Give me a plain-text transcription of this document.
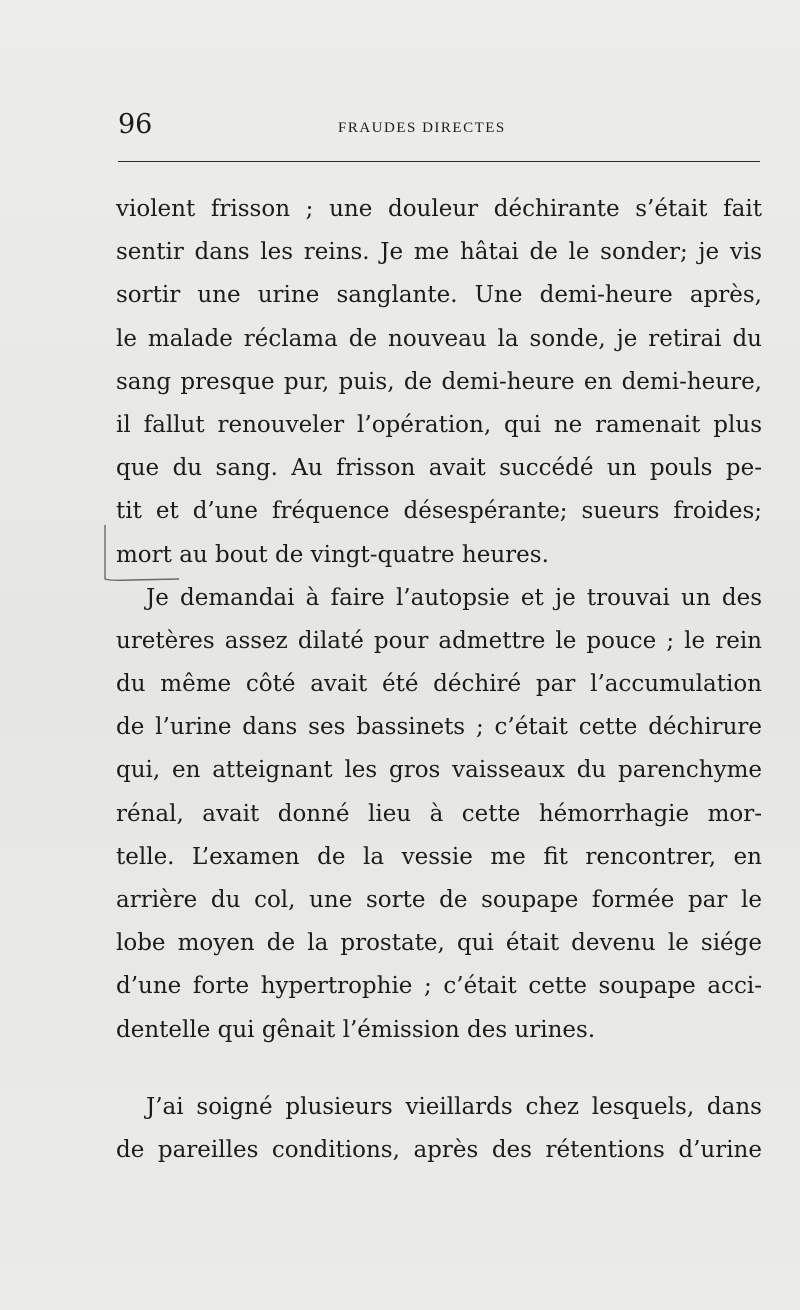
96	FRAUDES DIRECTES
violent frisson ; une douleur déchirante s’était fait
sentir dans les reins. Je me hâtai de le sonder; je vis
sortir une urine sanglante. Une demi-heure après,
le malade réclama de nouveau la sonde, je retirai du
sang presque pur, puis, de demi-heure en demi-heure,
il fallut renouveler l’opération, qui ne ramenait plus
que du sang. Au frisson avait succédé un pouls pe-
tit et d’une fréquence désespérante; sueurs froides;
mort au bout de vingt-quatre heures.
Je demandai à faire l’autopsie et je trouvai un des
uretères assez dilaté pour admettre le pouce ; le rein
du même côté avait été déchiré par l’accumulation
de l’urine dans ses bassinets ; c’était cette déchirure
qui, en atteignant les gros vaisseaux du parenchyme
rénal, avait donné lieu à cette hémorrhagie mor-
telle. L’examen de la vessie me fit rencontrer, en
arrière du col, une sorte de soupape formée par le
lobe moyen de la prostate, qui était devenu le siége
d’une forte hypertrophie ; c’était cette soupape acci-
dentelle qui gênait l’émission des urines.
J’ai soigné plusieurs vieillards chez lesquels, dans
de pareilles conditions, après des rétentions d’urine
